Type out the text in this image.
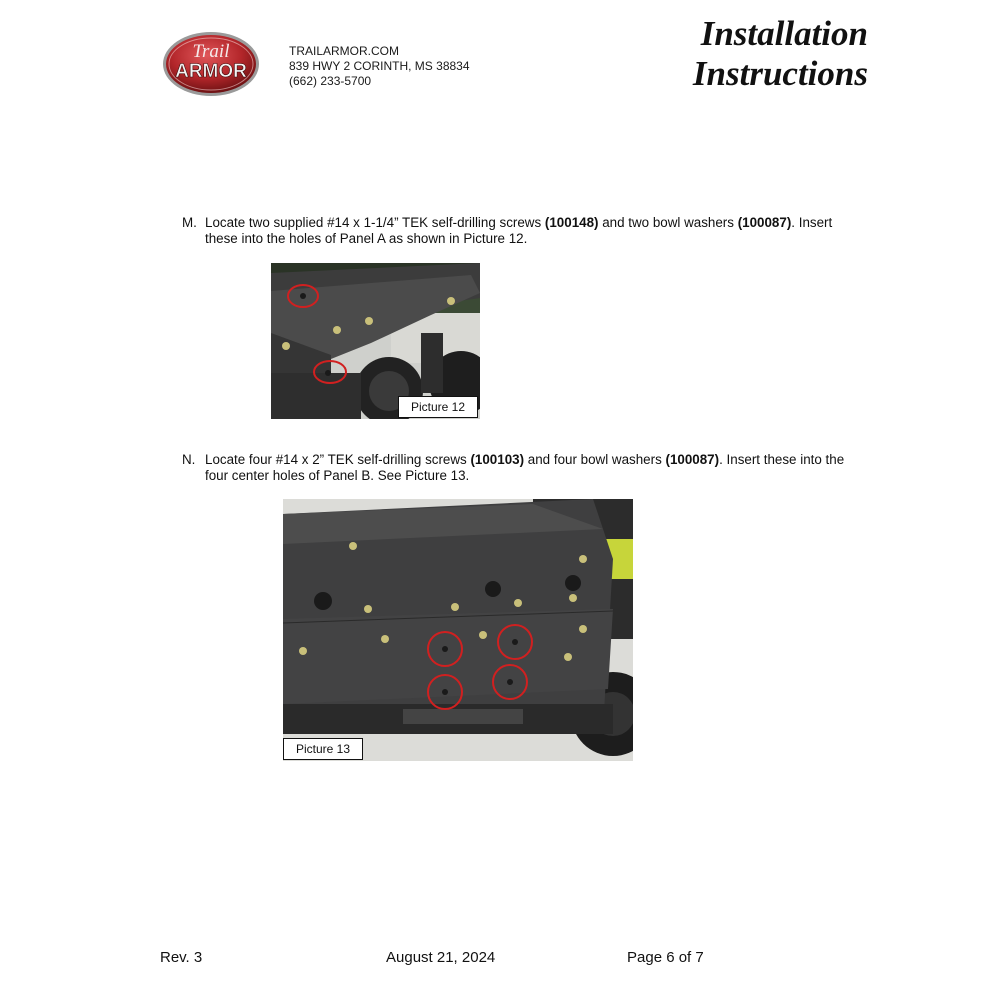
Trail
ARMOR
TRAILARMOR.COM
839 HWY 2 CORINTH, MS 38834
(662) 233-5700
Installation
Instructions
M. Locate two supplied #14 x 1-1/4” TEK self-drilling screws (100148) and two bowl washers (100087). Insert these into the holes of Panel A as shown in Picture 12.
Picture 12
N. Locate four #14 x 2” TEK self-drilling screws (100103) and four bowl washers (100087). Insert these into the four center holes of Panel B. See Picture 13.
Picture 13
Rev. 3	August 21, 2024	Page 6 of 7
